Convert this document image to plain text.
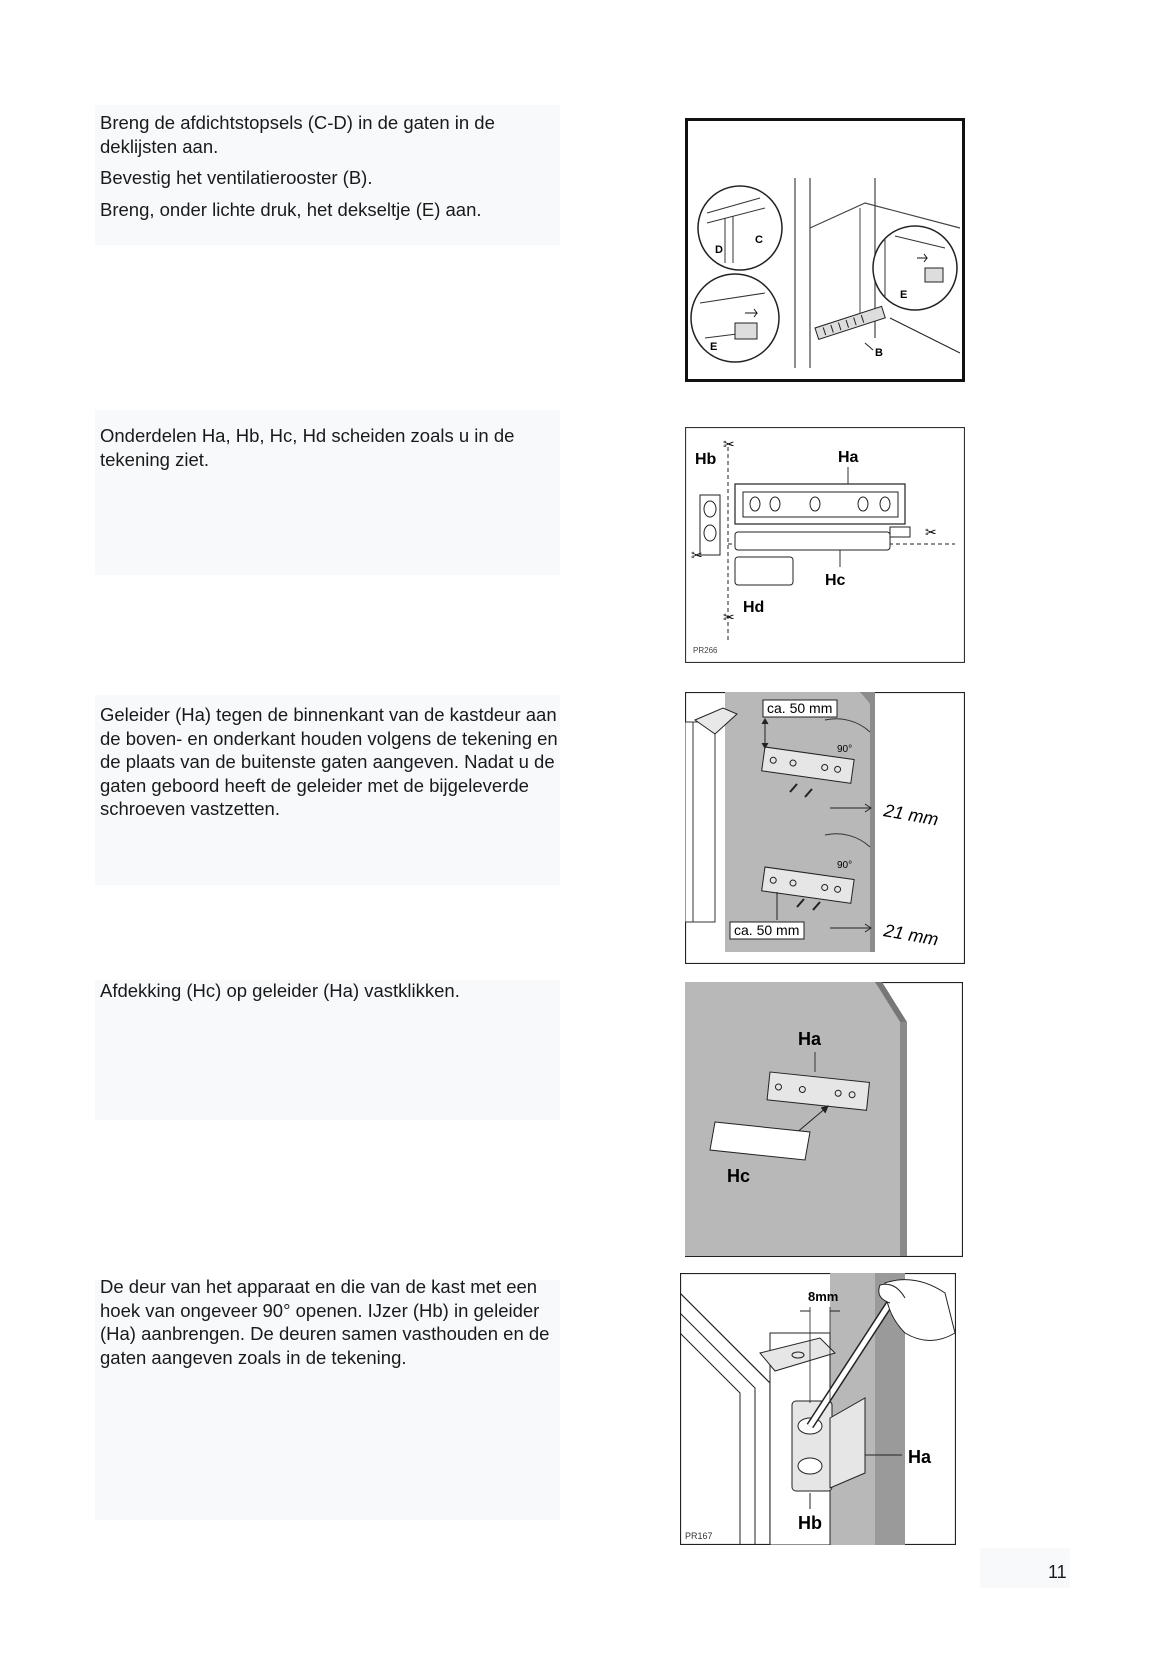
Breng de afdichtstopsels (C-D) in de gaten in de deklijsten aan.

Bevestig het ventilatierooster (B).

Breng, onder lichte druk, het dekseltje (E) aan.

C
D
E
E	B

Onderdelen Ha, Hb, Hc, Hd scheiden zoals u in de tekening ziet.	Hb	Ha
Hc
Hd
✂
✂
✂
✂
PR266

Geleider (Ha) tegen de binnenkant van de kastdeur aan de boven- en onderkant houden volgens de tekening en de plaats van de buitenste gaten aangeven. Nadat u de gaten geboord heeft de geleider met de bijgeleverde schroeven vastzetten.

90°
90°
ca. 50 mm
ca. 50 mm
21 mm
21 mm

Afdekking (Hc) op geleider (Ha) vastklikken.

Ha
Hc

De deur van het apparaat en die van de kast met een hoek van ongeveer 90° openen. IJzer (Hb) in geleider (Ha) aanbrengen. De deuren samen vasthouden en de gaten aangeven zoals in de tekening.

8mm
Ha
Hb
PR167
11
